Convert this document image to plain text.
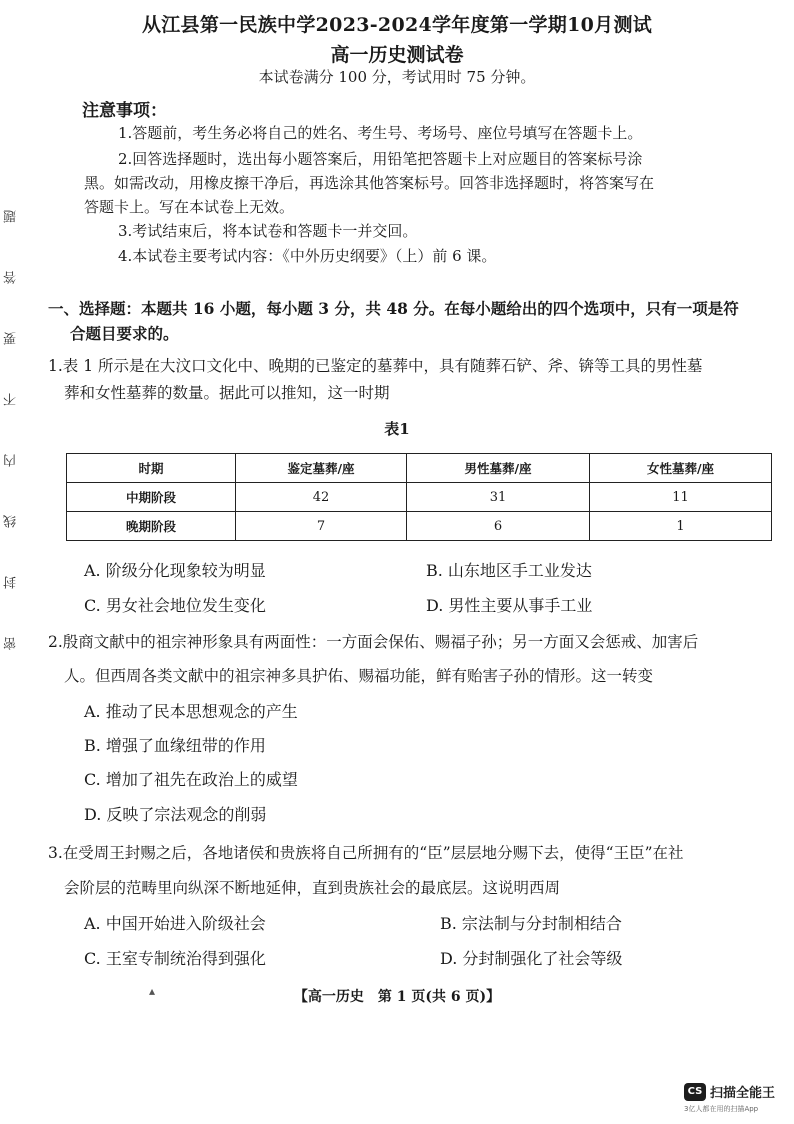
题
答
要
不
内
线
封
密
从江县第一民族中学2023-2024学年度第一学期10月测试
高一历史测试卷
本试卷满分 100 分，考试用时 75 分钟。
注意事项：
1.答题前，考生务必将自己的姓名、考生号、考场号、座位号填写在答题卡上。
2.回答选择题时，选出每小题答案后，用铅笔把答题卡上对应题目的答案标号涂
黑。如需改动，用橡皮擦干净后，再选涂其他答案标号。回答非选择题时，将答案写在
答题卡上。写在本试卷上无效。
3.考试结束后，将本试卷和答题卡一并交回。
4.本试卷主要考试内容：《中外历史纲要》（上）前 6 课。
一、选择题：本题共 16 小题，每小题 3 分，共 48 分。在每小题给出的四个选项中，只有一项是符
合题目要求的。
1.表 1 所示是在大汶口文化中、晚期的已鉴定的墓葬中，具有随葬石铲、斧、锛等工具的男性墓
葬和女性墓葬的数量。据此可以推知，这一时期
表1
时期	鉴定墓葬/座	男性墓葬/座	女性墓葬/座
中期阶段	42	31	11
晚期阶段	7	6	1
A. 阶级分化现象较为明显	B. 山东地区手工业发达
C. 男女社会地位发生变化	D. 男性主要从事手工业
2.殷商文献中的祖宗神形象具有两面性：一方面会保佑、赐福子孙；另一方面又会惩戒、加害后
人。但西周各类文献中的祖宗神多具护佑、赐福功能，鲜有贻害子孙的情形。这一转变
A. 推动了民本思想观念的产生
B. 增强了血缘纽带的作用
C. 增加了祖先在政治上的威望
D. 反映了宗法观念的削弱
3.在受周王封赐之后，各地诸侯和贵族将自己所拥有的“臣”层层地分赐下去，使得“王臣”在社
会阶层的范畴里向纵深不断地延伸，直到贵族社会的最底层。这说明西周
A. 中国开始进入阶级社会	B. 宗法制与分封制相结合
C. 王室专制统治得到强化	D. 分封制强化了社会等级
▴	【高一历史　第 1 页(共 6 页)】
CS 扫描全能王
3亿人都在用的扫描App
